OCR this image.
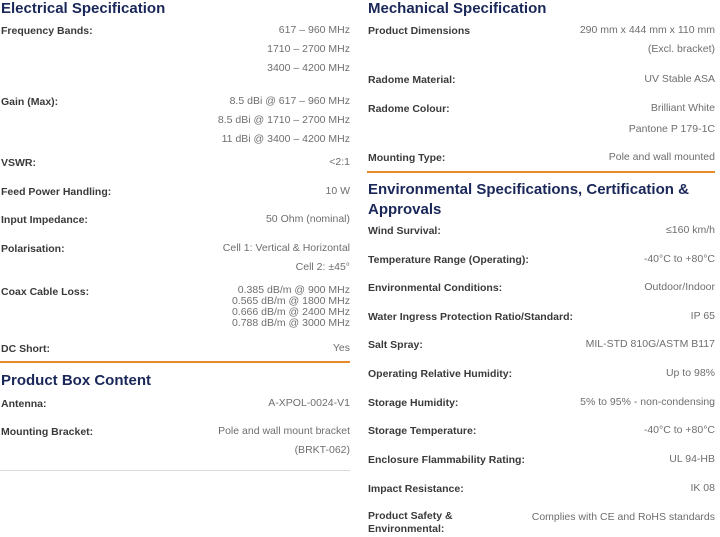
Electrical Specification
Frequency Bands:	617 – 960 MHz
1710 – 2700 MHz
3400 – 4200 MHz
Gain (Max):	8.5 dBi @ 617 – 960 MHz
8.5 dBi @ 1710 – 2700 MHz
11 dBi @ 3400 – 4200 MHz
VSWR:	<2:1
Feed Power Handling:	10 W
Input Impedance:	50 Ohm (nominal)
Polarisation:	Cell 1: Vertical & Horizontal
Cell 2: ±45°
Coax Cable Loss:	0.385 dB/m @ 900 MHz
0.565 dB/m @ 1800 MHz
0.666 dB/m @ 2400 MHz
0.788 dB/m @ 3000 MHz
DC Short:	Yes
Product Box Content
Antenna:	A-XPOL-0024-V1
Mounting Bracket:	Pole and wall mount bracket
(BRKT-062)
Mechanical Specification
Product Dimensions	290 mm x 444 mm x 110 mm
(Excl. bracket)
Radome Material:	UV Stable ASA
Radome Colour:	Brilliant White
Pantone P 179-1C
Mounting Type:	Pole and wall mounted
Environmental Specifications, Certification & Approvals
Wind Survival:	≤160 km/h
Temperature Range (Operating):	-40°C to +80°C
Environmental Conditions:	Outdoor/Indoor
Water Ingress Protection Ratio/Standard:	IP 65
Salt Spray:	MIL-STD 810G/ASTM B117
Operating Relative Humidity:	Up to 98%
Storage Humidity:	5% to 95% - non-condensing
Storage Temperature:	-40°C to +80°C
Enclosure Flammability Rating:	UL 94-HB
Impact Resistance:	IK 08
Product Safety & Environmental:
Complies with CE and RoHS standards
